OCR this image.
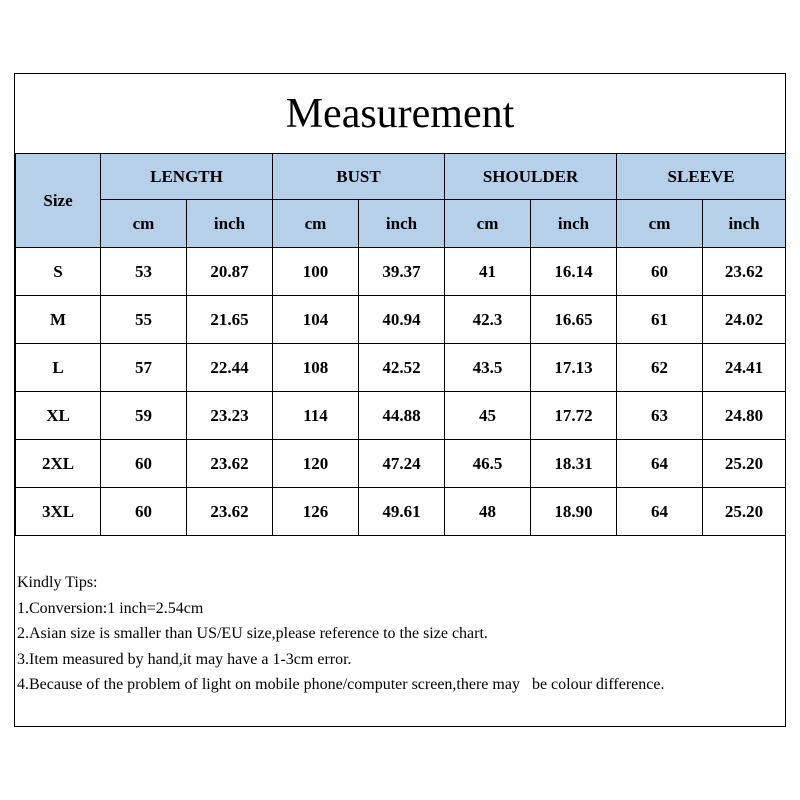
Measurement
Size	LENGTH		BUST		SHOULDER		SLEEVE	
	cm	inch	cm	inch	cm	inch	cm	inch
S	53	20.87	100	39.37	41	16.14	60	23.62
M	55	21.65	104	40.94	42.3	16.65	61	24.02
L	57	22.44	108	42.52	43.5	17.13	62	24.41
XL	59	23.23	114	44.88	45	17.72	63	24.80
2XL	60	23.62	120	47.24	46.5	18.31	64	25.20
3XL	60	23.62	126	49.61	48	18.90	64	25.20
Kindly Tips:
1.Conversion:1 inch=2.54cm
2.Asian size is smaller than US/EU size,please reference to the size chart.
3.Item measured by hand,it may have a 1-3cm error.
4.Because of the problem of light on mobile phone/computer screen,there may   be colour difference.
